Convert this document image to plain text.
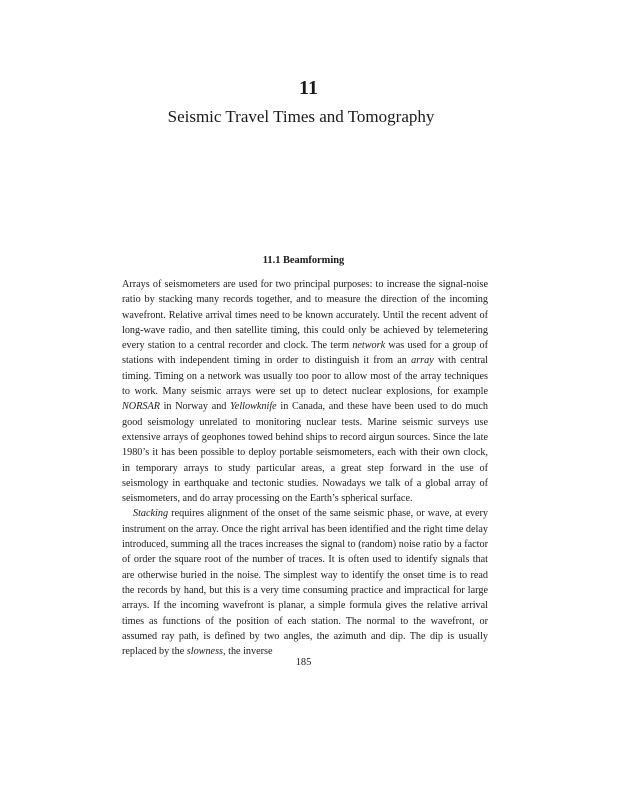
11
Seismic Travel Times and Tomography
11.1 Beamforming

Arrays of seismometers are used for two principal purposes: to increase the signal-noise ratio by stacking many records together, and to measure the direction of the incoming wavefront. Relative arrival times need to be known accurately. Until the recent advent of long-wave radio, and then satellite timing, this could only be achieved by telemetering every station to a central recorder and clock. The term network was used for a group of stations with independent timing in order to distinguish it from an array with central timing. Timing on a network was usually too poor to allow most of the array techniques to work. Many seismic arrays were set up to detect nuclear explosions, for example NORSAR in Norway and Yellowknife in Canada, and these have been used to do much good seismology unrelated to monitoring nuclear tests. Marine seismic surveys use extensive arrays of geophones towed behind ships to record airgun sources. Since the late 1980’s it has been possible to deploy portable seismometers, each with their own clock, in temporary arrays to study particular areas, a great step forward in the use of seismology in earthquake and tectonic studies. Nowadays we talk of a global array of seismometers, and do array processing on the Earth’s spherical surface.

Stacking requires alignment of the onset of the same seismic phase, or wave, at every instrument on the array. Once the right arrival has been identified and the right time delay introduced, summing all the traces increases the signal to (random) noise ratio by a factor of order the square root of the number of traces. It is often used to identify signals that are otherwise buried in the noise. The simplest way to identify the onset time is to read the records by hand, but this is a very time consuming practice and impractical for large arrays. If the incoming wavefront is planar, a simple formula gives the relative arrival times as functions of the position of each station. The normal to the wavefront, or assumed ray path, is defined by two angles, the azimuth and dip. The dip is usually replaced by the slowness, the inverse

185
